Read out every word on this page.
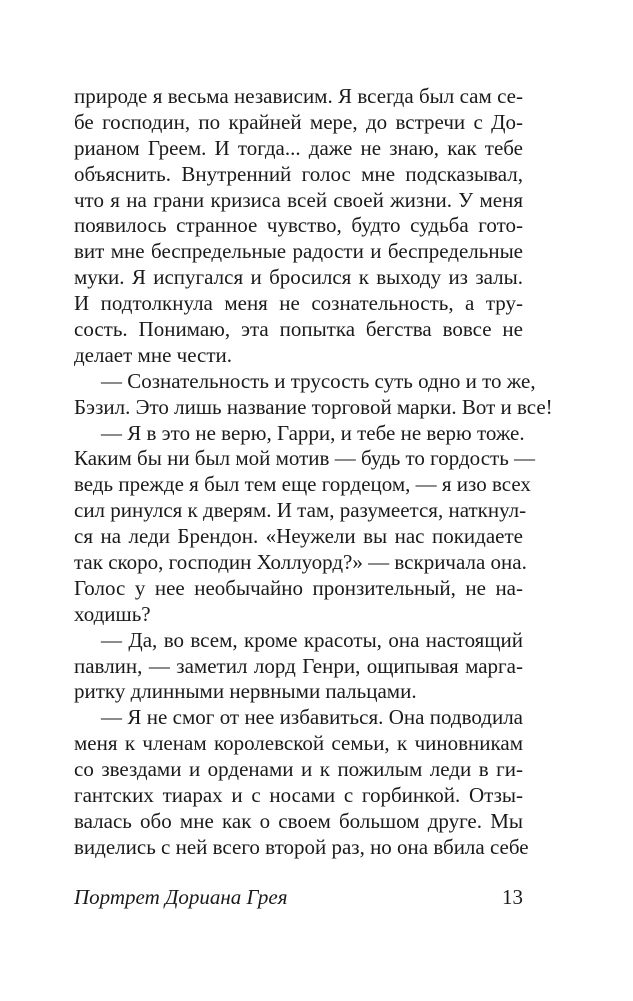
природе я весьма независим. Я всегда был сам се-
бе господин, по крайней мере, до встречи с До-
рианом Греем. И тогда... даже не знаю, как тебе
объяснить. Внутренний голос мне подсказывал,
что я на грани кризиса всей своей жизни. У меня
появилось странное чувство, будто судьба гото-
вит мне беспредельные радости и беспредельные
муки. Я испугался и бросился к выходу из залы.
И подтолкнула меня не сознательность, а тру-
сость. Понимаю, эта попытка бегства вовсе не
делает мне чести.
— Сознательность и трусость суть одно и то же,
Бэзил. Это лишь название торговой марки. Вот и все!
— Я в это не верю, Гарри, и тебе не верю тоже.
Каким бы ни был мой мотив — будь то гордость —
ведь прежде я был тем еще гордецом, — я изо всех
сил ринулся к дверям. И там, разумеется, наткнул-
ся на леди Брендон. «Неужели вы нас покидаете
так скоро, господин Холлуорд?» — вскричала она.
Голос у нее необычайно пронзительный, не на-
ходишь?
— Да, во всем, кроме красоты, она настоящий
павлин, — заметил лорд Генри, ощипывая марга-
ритку длинными нервными пальцами.
— Я не смог от нее избавиться. Она подводила
меня к членам королевской семьи, к чиновникам
со звездами и орденами и к пожилым леди в ги-
гантских тиарах и с носами с горбинкой. Отзы-
валась обо мне как о своем большом друге. Мы
виделись с ней всего второй раз, но она вбила себе
Портрет Дориана Грея	13
